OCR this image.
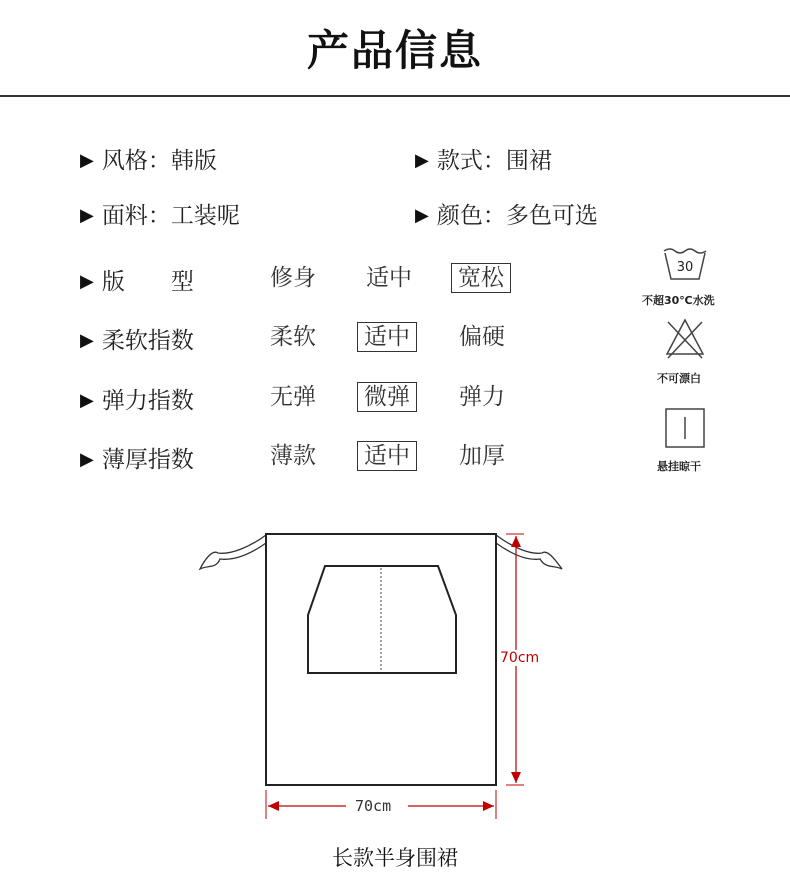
产品信息
▶ 风格：韩版	▶ 款式：围裙
▶ 面料：工装呢	▶ 颜色：多色可选
▶ 版　　型	修身 适中	宽松
▶ 柔软指数	柔软	适中	偏硬
▶ 弹力指数	无弹	微弹	弹力
▶ 薄厚指数	薄款	适中	加厚
30
不超30℃水洗
不可漂白
悬挂晾干
70cm
70cm
长款半身围裙
